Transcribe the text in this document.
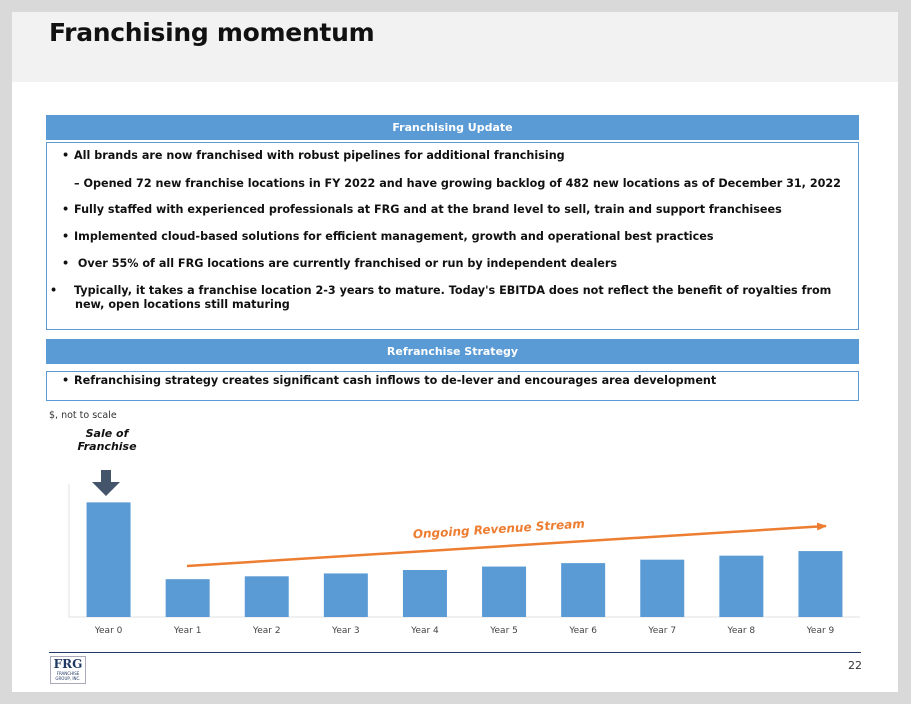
Franchising momentum
Franchising Update
• All brands are now franchised with robust pipelines for additional franchising
– Opened 72 new franchise locations in FY 2022 and have growing backlog of 482 new locations as of December 31, 2022
• Fully staffed with experienced professionals at FRG and at the brand level to sell, train and support franchisees
• Implemented cloud-based solutions for efficient management, growth and operational best practices
• Over 55% of all FRG locations are currently franchised or run by independent dealers
• Typically, it takes a franchise location 2-3 years to mature. Today's EBITDA does not reflect the benefit of royalties from new, open locations still maturing
Refranchise Strategy
• Refranchising strategy creates significant cash inflows to de-lever and encourages area development
$, not to scale
Sale of Franchise
Year 0	Year 1	Year 2	Year 3	Year 4	Year 5	Year 6	Year 7	Year 8	Year 9
Ongoing Revenue Stream
FRG
FRANCHISE GROUP, INC.
22
